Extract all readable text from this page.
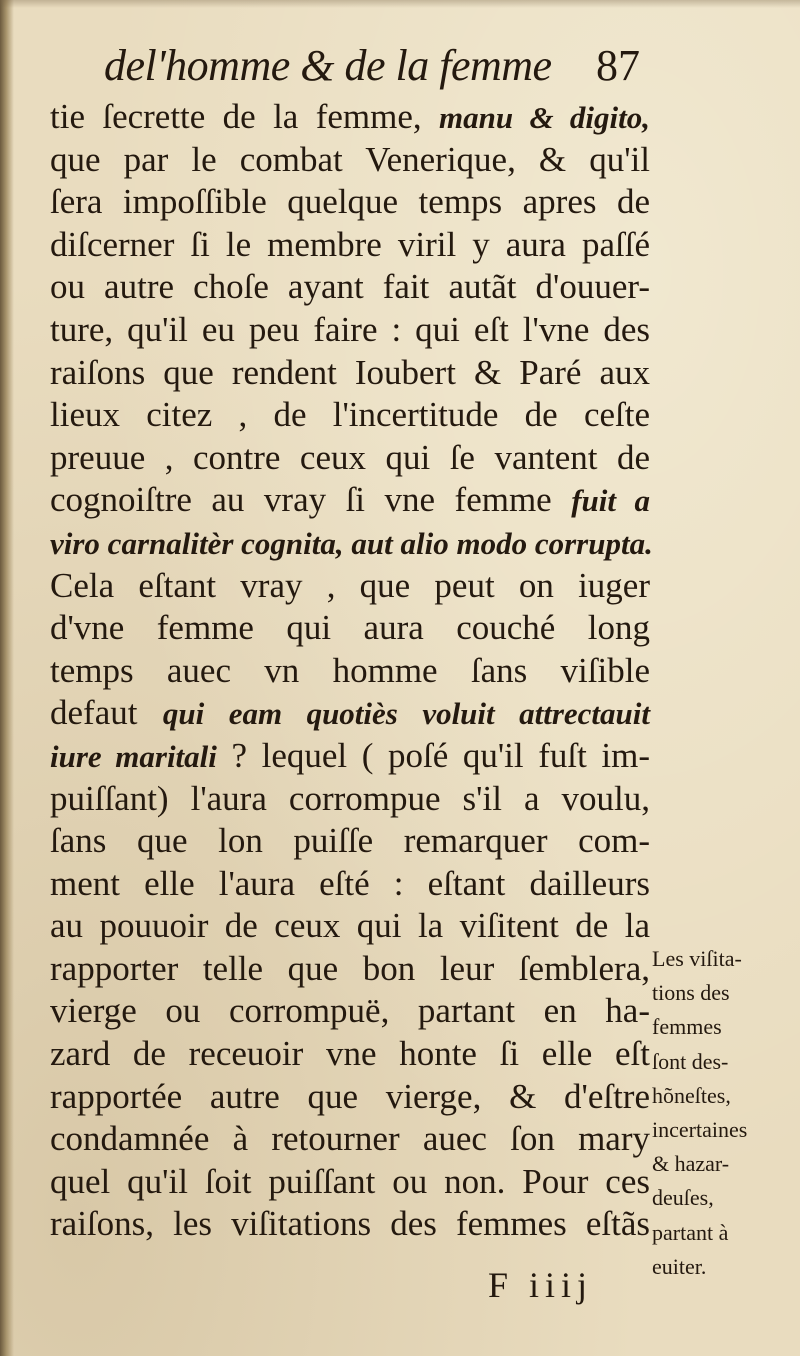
del'homme & de la femme 87
tie ſecrette de la femme, manu & digito,
que par le combat Venerique, & qu'il
ſera impoſſible quelque temps apres de
diſcerner ſi le membre viril y aura paſſé
ou autre choſe ayant fait autãt d'ouuer-
ture, qu'il eu peu faire : qui eſt l'vne des
raiſons que rendent Ioubert & Paré aux
lieux citez , de l'incertitude de ceſte
preuue , contre ceux qui ſe vantent de
cognoiſtre au vray ſi vne femme fuit a
viro carnalitèr cognita, aut alio modo corrupta.
Cela eſtant vray , que peut on iuger
d'vne femme qui aura couché long
temps auec vn homme ſans viſible
defaut qui eam quotiès voluit attrectauit
iure maritali ? lequel ( poſé qu'il fuſt im-
puiſſant) l'aura corrompue s'il a voulu,
ſans que lon puiſſe remarquer com-
ment elle l'aura eſté : eſtant dailleurs
au pouuoir de ceux qui la viſitent de la
rapporter telle que bon leur ſemblera,
vierge ou corrompuë, partant en ha-
zard de receuoir vne honte ſi elle eſt
rapportée autre que vierge, & d'eſtre
condamnée à retourner auec ſon mary
quel qu'il ſoit puiſſant ou non. Pour ces
raiſons, les viſitations des femmes eſtãs
Les viſita-
tions des
femmes
ſont des-
hõneſtes,
incertaines
& hazar-
deuſes,
partant à
euiter.
F iiij
